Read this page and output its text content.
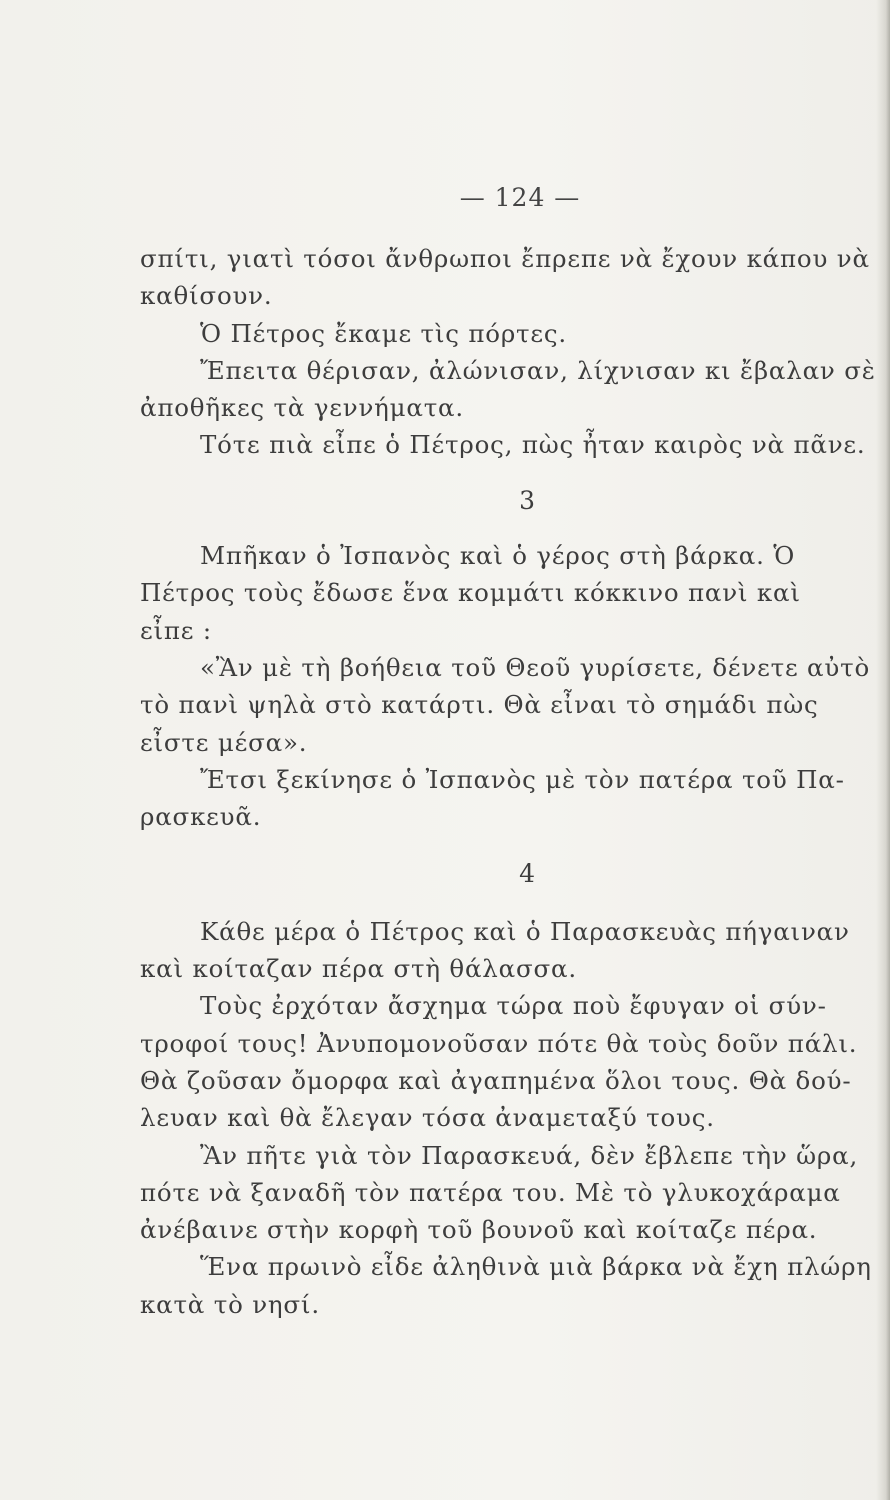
— 124 —
σπίτι, γιατὶ τόσοι ἄνθρωποι ἔπρεπε νὰ ἔχουν κάπου νὰ
καθίσουν.
Ὁ Πέτρος ἔκαμε τὶς πόρτες.
Ἔπειτα θέρισαν, ἀλώνισαν, λίχνισαν κι ἔβαλαν σὲ
ἀποθῆκες τὰ γεννήματα.
Τότε πιὰ εἶπε ὁ Πέτρος, πὼς ἦταν καιρὸς νὰ πᾶνε.
3
Μπῆκαν ὁ Ἰσπανὸς καὶ ὁ γέρος στὴ βάρκα. Ὁ
Πέτρος τοὺς ἔδωσε ἕνα κομμάτι κόκκινο πανὶ καὶ
εἶπε :
«Ἂν μὲ τὴ βοήθεια τοῦ Θεοῦ γυρίσετε, δένετε αὐτὸ
τὸ πανὶ ψηλὰ στὸ κατάρτι. Θὰ εἶναι τὸ σημάδι πὼς
εἶστε μέσα».
Ἔτσι ξεκίνησε ὁ Ἰσπανὸς μὲ τὸν πατέρα τοῦ Πα-
ρασκευᾶ.
4
Κάθε μέρα ὁ Πέτρος καὶ ὁ Παρασκευὰς πήγαιναν
καὶ κοίταζαν πέρα στὴ θάλασσα.
Τοὺς ἐρχόταν ἄσχημα τώρα ποὺ ἔφυγαν οἱ σύν-
τροφοί τους! Ἀνυπομονοῦσαν πότε θὰ τοὺς δοῦν πάλι.
Θὰ ζοῦσαν ὄμορφα καὶ ἀγαπημένα ὅλοι τους. Θὰ δού-
λευαν καὶ θὰ ἔλεγαν τόσα ἀναμεταξύ τους.
Ἂν πῆτε γιὰ τὸν Παρασκευά, δὲν ἔβλεπε τὴν ὥρα,
πότε νὰ ξαναδῆ τὸν πατέρα του. Μὲ τὸ γλυκοχάραμα
ἀνέβαινε στὴν κορφὴ τοῦ βουνοῦ καὶ κοίταζε πέρα.
Ἕνα πρωινὸ εἶδε ἀληθινὰ μιὰ βάρκα νὰ ἔχη πλώρη
κατὰ τὸ νησί.
